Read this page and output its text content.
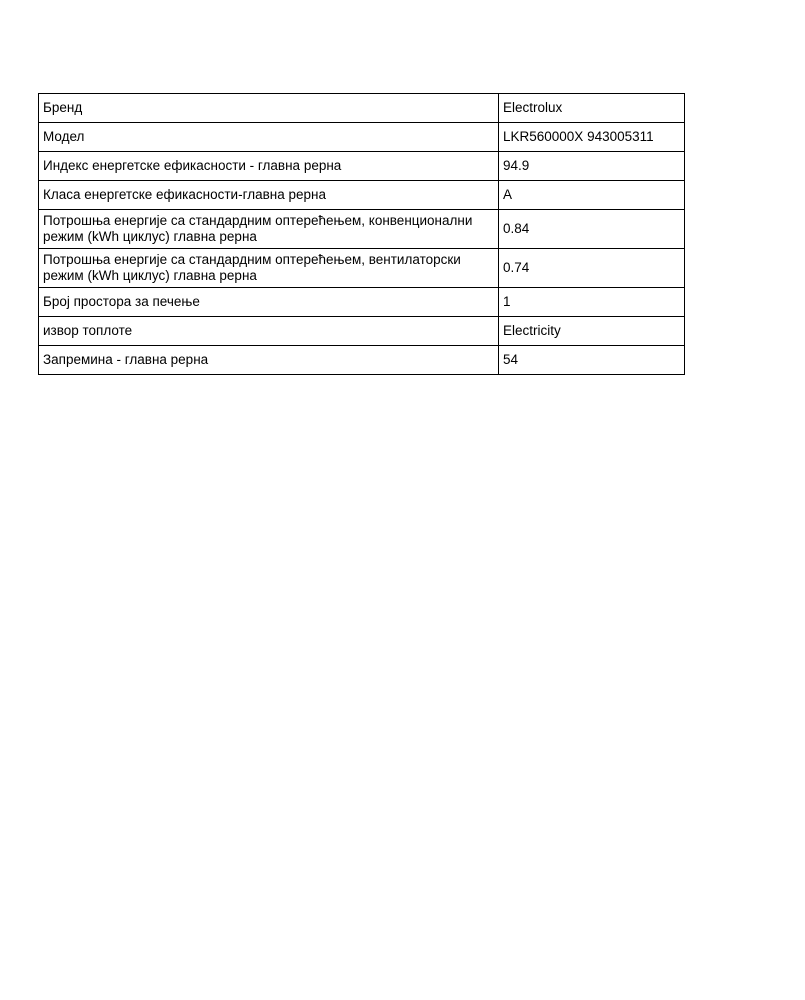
Бренд	Electrolux
Модел	LKR560000X 943005311
Индекс енергетске ефикасности - главна рерна	94.9
Класа енергетске ефикасности-главна рерна	A
Потрошња енергије са стандардним оптерећењем, конвенционални режим (kWh циклус) главна рерна	0.84
Потрошња енергије са стандардним оптерећењем, вентилаторски режим (kWh циклус) главна рерна	0.74
Број простора за печење	1
извор топлоте	Electricity
Запремина - главна рерна	54
